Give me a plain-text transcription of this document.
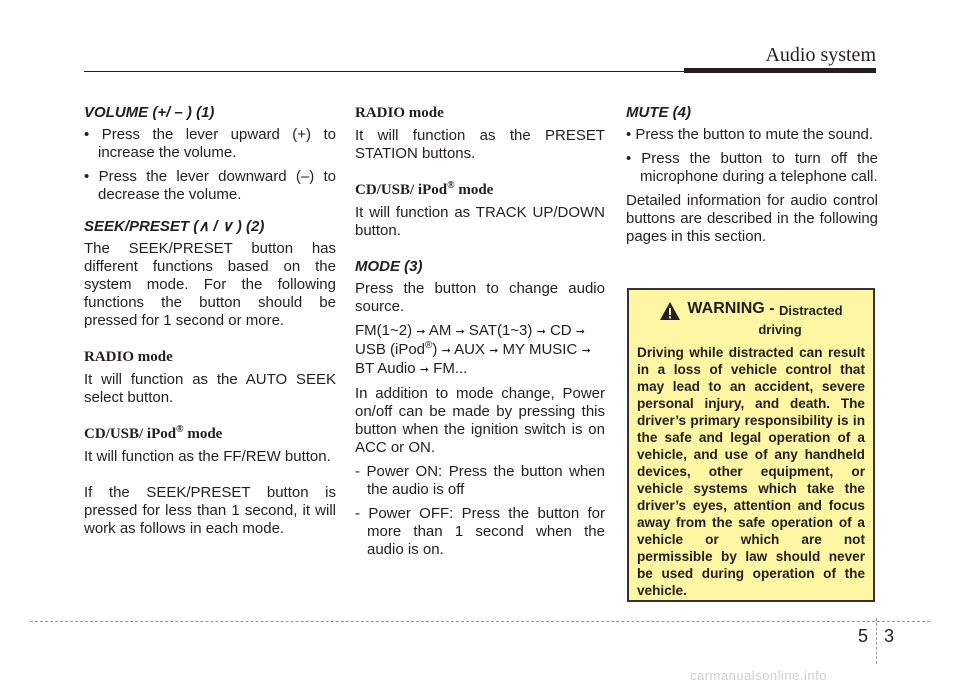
Audio system
VOLUME (+/ – ) (1)

• Press the lever upward (+) to increase the volume.

• Press the lever downward (–) to decrease the volume.

SEEK/PRESET (∧ / ∨ ) (2)

The SEEK/PRESET button has different functions based on the system mode. For the following functions the button should be pressed for 1 second or more.

RADIO mode

It will function as the AUTO SEEK select button.

CD/USB/ iPod® mode

It will function as the FF/REW button.

If the SEEK/PRESET button is pressed for less than 1 second, it will work as follows in each mode.

RADIO mode

It will function as the PRESET STATION buttons.

CD/USB/ iPod® mode

It will function as TRACK UP/DOWN button.

MODE (3)

Press the button to change audio source.

FM(1~2) ➞ AM ➞ SAT(1~3) ➞ CD ➞ USB (iPod®) ➞ AUX ➞ MY MUSIC ➞ BT Audio ➞ FM...

In addition to mode change, Power on/off can be made by pressing this button when the ignition switch is on ACC or ON.

- Power ON: Press the button when the audio is off

- Power OFF: Press the button for more than 1 second when the audio is on.

MUTE (4)

• Press the button to mute the sound.

• Press the button to turn off the microphone during a telephone call.

Detailed information for audio control buttons are described in the following pages in this section.

WARNING -
Distracted
driving
Driving while distracted can result in a loss of vehicle control that may lead to an accident, severe personal injury, and death. The driver’s primary responsibility is in the safe and legal operation of a vehicle, and use of any handheld devices, other equipment, or vehicle systems which take the driver’s eyes, attention and focus away from the safe operation of a vehicle or which are not permissible by law should never be used during operation of the vehicle.
5 3
carmanualsonline.info
